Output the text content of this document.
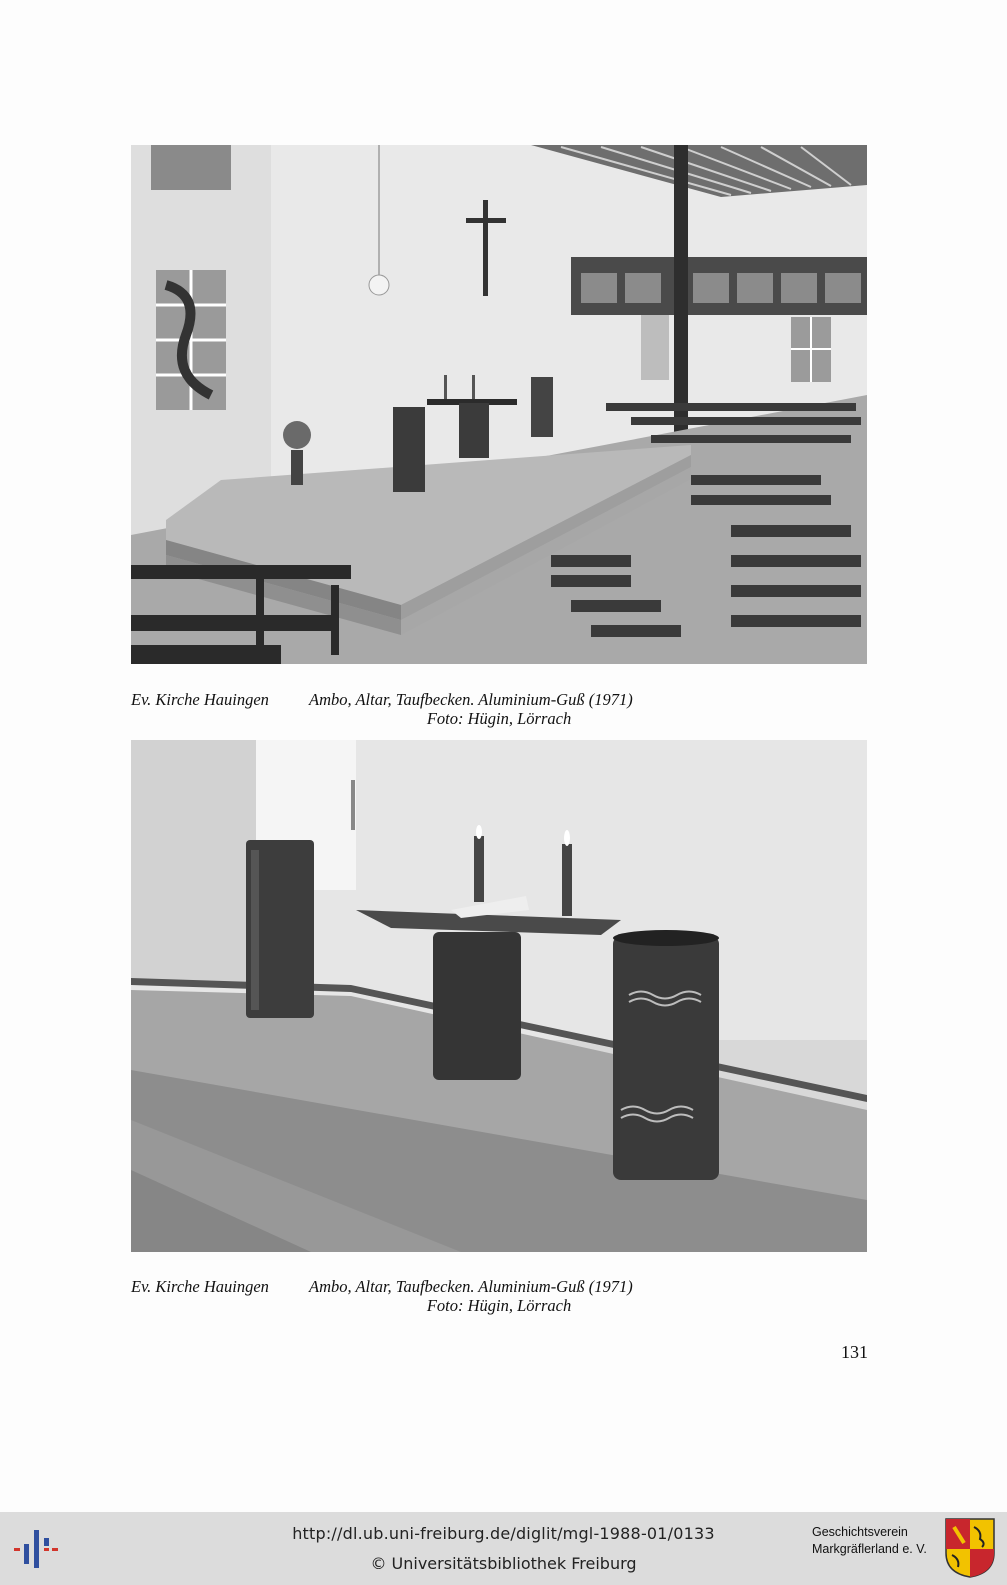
Ev. Kirche Hauingen Ambo, Altar, Taufbecken. Aluminium-Guß (1971)
Foto: Hügin, Lörrach
Ev. Kirche Hauingen Ambo, Altar, Taufbecken. Aluminium-Guß (1971)
Foto: Hügin, Lörrach
131
http://dl.ub.uni-freiburg.de/diglit/mgl-1988-01/0133
© Universitätsbibliothek Freiburg
Geschichtsverein
Markgräflerland e. V.
